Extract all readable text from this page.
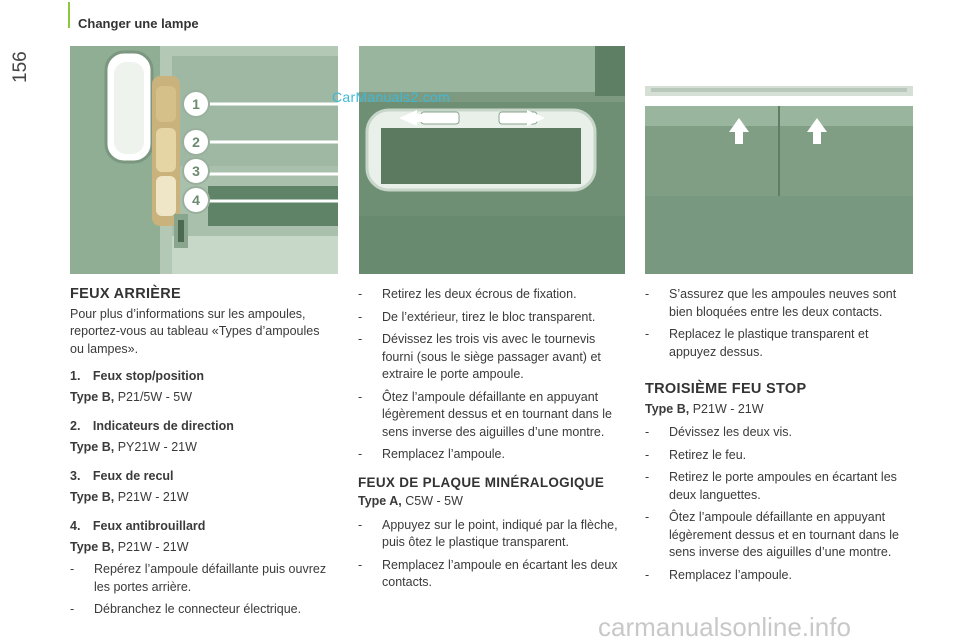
156
Changer une lampe
1
2
3
4
CarManuals2.com
FEUX ARRIÈRE
Pour plus d’informations sur les ampoules, reportez-vous au tableau «Types d’ampoules ou lampes».
1. Feux stop/position
Type B, P21/5W - 5W
2. Indicateurs de direction
Type B, PY21W - 21W
3. Feux de recul
Type B, P21W - 21W
4. Feux antibrouillard
Type B, P21W - 21W
- Repérez l’ampoule défaillante puis ouvrez les portes arrière.
- Débranchez le connecteur électrique.
- Retirez les deux écrous de fixation.
- De l’extérieur, tirez le bloc transparent.
- Dévissez les trois vis avec le tournevis fourni (sous le siège passager avant) et extraire le porte ampoule.
- Ôtez l’ampoule défaillante en appuyant légèrement dessus et en tournant dans le sens inverse des aiguilles d’une montre.
- Remplacez l’ampoule.
FEUX DE PLAQUE MINÉRALOGIQUE
Type A, C5W - 5W
- Appuyez sur le point, indiqué par la flèche, puis ôtez le plastique transparent.
- Remplacez l’ampoule en écartant les deux contacts.
- S’assurez que les ampoules neuves sont bien bloquées entre les deux contacts.
- Replacez le plastique transparent et appuyez dessus.
TROISIÈME FEU STOP
Type B, P21W - 21W
- Dévissez les deux vis.
- Retirez le feu.
- Retirez le porte ampoules en écartant les deux languettes.
- Ôtez l’ampoule défaillante en appuyant légèrement dessus et en tournant dans le sens inverse des aiguilles d’une montre.
- Remplacez l’ampoule.
carmanualsonline.info
